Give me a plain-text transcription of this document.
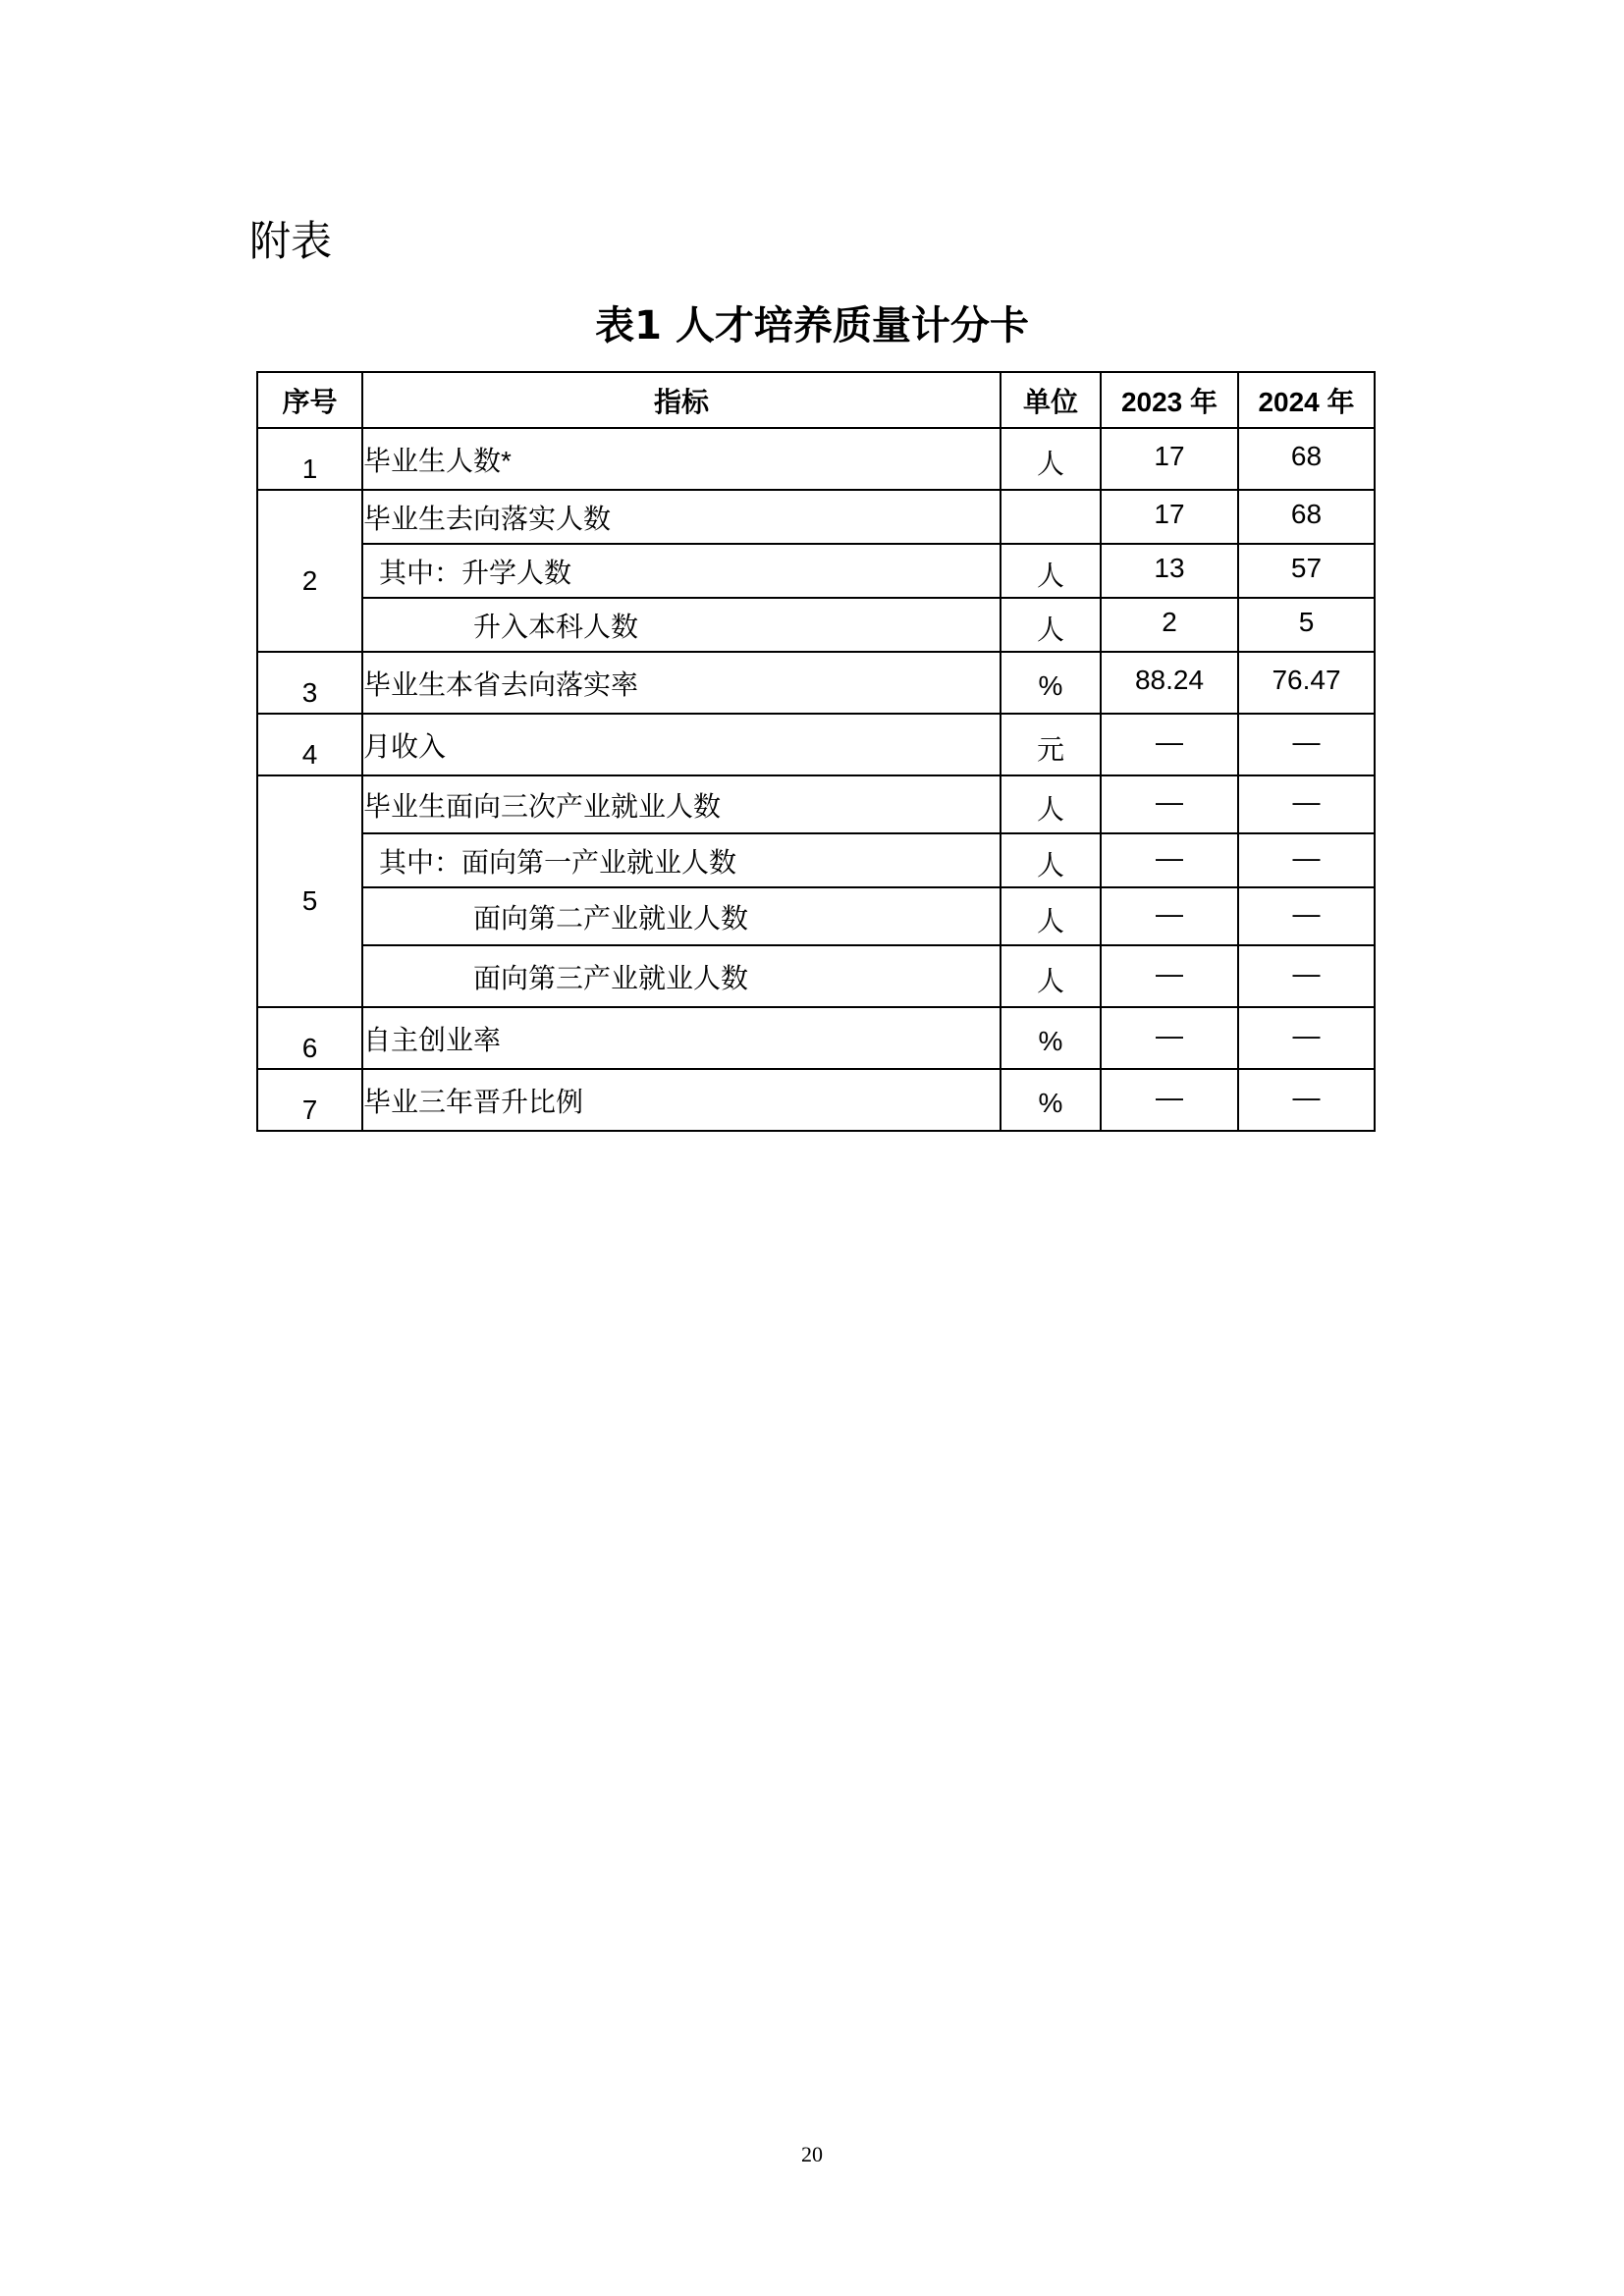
附表
表1 人才培养质量计分卡
序号	指标	单位	2023 年	2024 年
1	毕业生人数*	人	17	68
2	毕业生去向落实人数		17	68
	其中：升学人数	人	13	57
	升入本科人数	人	2	5
3	毕业生本省去向落实率	%	88.24	76.47
4	月收入	元	—	—
5	毕业生面向三次产业就业人数	人	—	—
	其中：面向第一产业就业人数	人	—	—
	面向第二产业就业人数	人	—	—
	面向第三产业就业人数	人	—	—
6	自主创业率	%	—	—
7	毕业三年晋升比例	%	—	—
20
